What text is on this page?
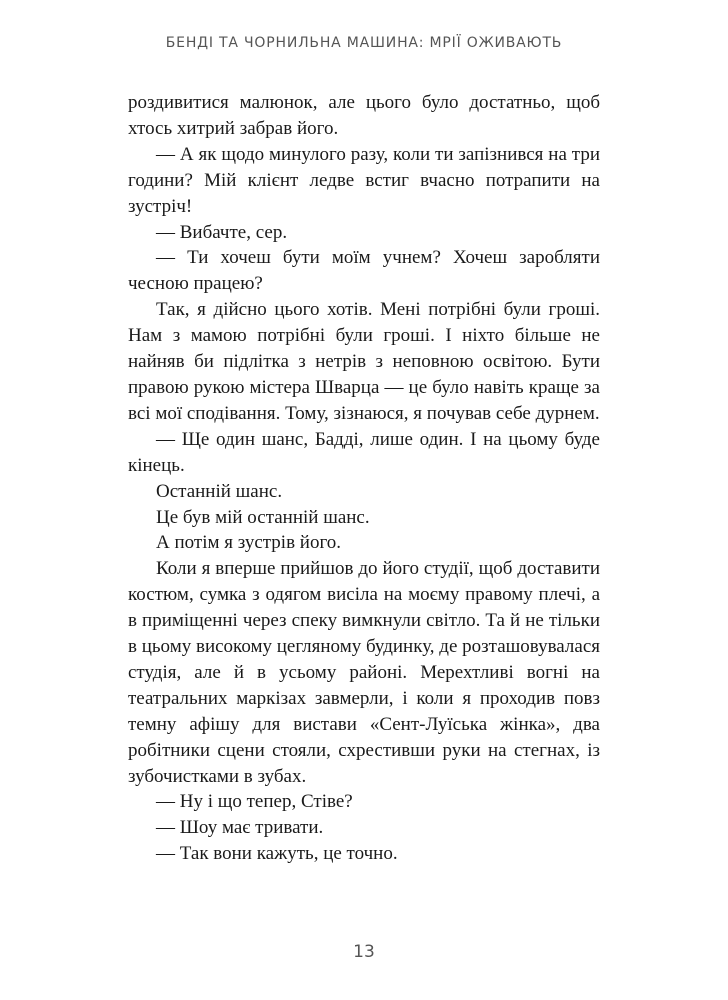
БЕНДІ ТА ЧОРНИЛЬНА МАШИНА: МРІЇ ОЖИВАЮТЬ

роздивитися малюнок, але цього було достатньо, щоб хтось хитрий забрав його.

— А як щодо минулого разу, коли ти запізнився на три години? Мій клієнт ледве встиг вчасно потрапити на зустріч!

— Вибачте, сер.

— Ти хочеш бути моїм учнем? Хочеш заробляти чесною працею?

Так, я дійсно цього хотів. Мені потрібні були гроші. Нам з мамою потрібні були гроші. І ніхто більше не найняв би підлітка з нетрів з неповною освітою. Бути правою рукою містера Шварца — це було навіть краще за всі мої сподівання. Тому, зізнаюся, я почував себе дурнем.

— Ще один шанс, Бадді, лише один. І на цьому буде кінець.

Останній шанс.

Це був мій останній шанс.

А потім я зустрів його.

Коли я вперше прийшов до його студії, щоб доставити костюм, сумка з одягом висіла на моєму правому плечі, а в приміщенні через спеку вимкнули світло. Та й не тільки в цьому високому цегляному будинку, де розташовувалася студія, але й в усьому районі. Мерехтливі вогні на театральних маркізах завмерли, і коли я проходив повз темну афішу для вистави «Сент-Луїська жінка», два робітники сцени стояли, схрестивши руки на стегнах, із зубочистками в зубах.

— Ну і що тепер, Стіве?

— Шоу має тривати.

— Так вони кажуть, це точно.

13
